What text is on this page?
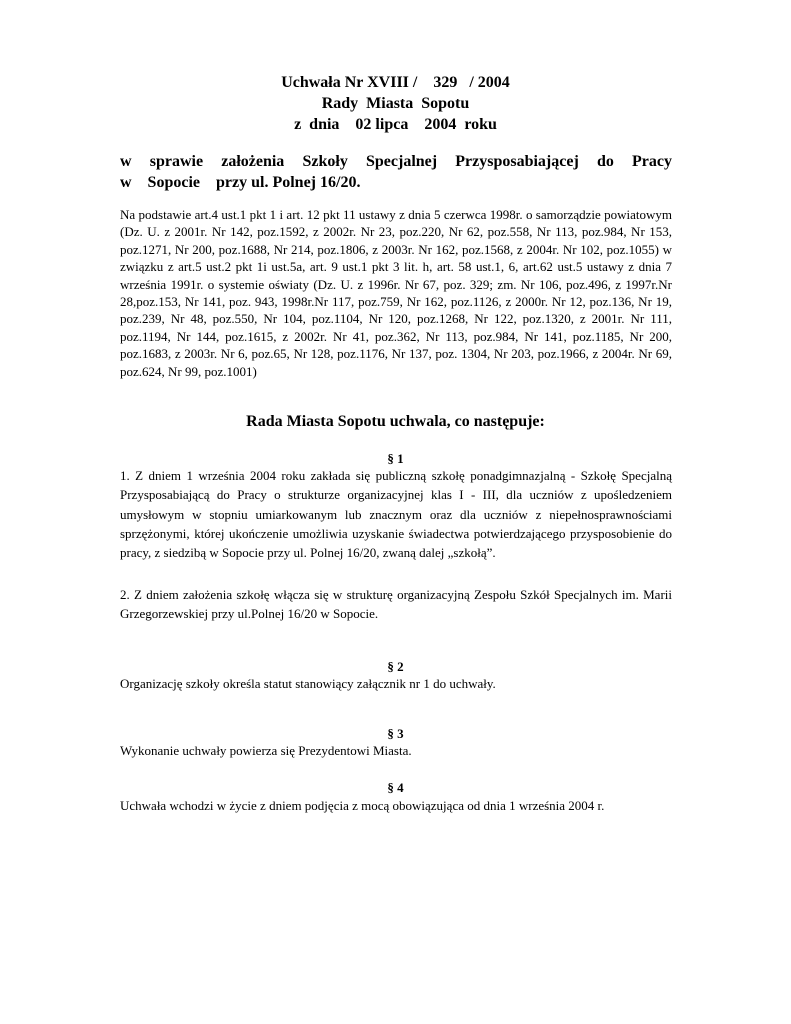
Uchwała Nr XVIII /    329   / 2004
Rady  Miasta  Sopotu
z  dnia    02 lipca    2004  roku
w sprawie założenia Szkoły Specjalnej Przysposabiającej do Pracy
w    Sopocie    przy ul. Polnej 16/20.
Na podstawie art.4 ust.1 pkt 1 i art. 12 pkt 11 ustawy z dnia 5 czerwca 1998r. o samorządzie powiatowym (Dz. U. z 2001r. Nr 142, poz.1592, z 2002r. Nr 23, poz.220, Nr 62, poz.558, Nr 113, poz.984, Nr 153, poz.1271, Nr 200, poz.1688, Nr 214, poz.1806, z 2003r. Nr 162, poz.1568, z 2004r. Nr 102, poz.1055) w związku z art.5 ust.2 pkt 1i ust.5a, art. 9 ust.1 pkt 3 lit. h, art. 58 ust.1, 6, art.62 ust.5 ustawy z dnia 7 września 1991r. o systemie oświaty (Dz. U. z 1996r. Nr 67, poz. 329; zm. Nr 106, poz.496, z 1997r.Nr 28,poz.153, Nr 141, poz. 943, 1998r.Nr 117, poz.759, Nr 162, poz.1126, z 2000r. Nr 12, poz.136, Nr 19, poz.239, Nr 48, poz.550, Nr 104, poz.1104, Nr 120, poz.1268, Nr 122, poz.1320, z 2001r. Nr 111, poz.1194, Nr 144, poz.1615, z 2002r. Nr 41, poz.362, Nr 113, poz.984, Nr 141, poz.1185, Nr 200, poz.1683, z 2003r. Nr 6, poz.65, Nr 128, poz.1176, Nr 137, poz. 1304, Nr 203, poz.1966, z 2004r. Nr 69, poz.624, Nr 99, poz.1001)
Rada Miasta Sopotu uchwala, co następuje:
§ 1
1. Z dniem 1 września 2004 roku zakłada się publiczną szkołę ponadgimnazjalną - Szkołę Specjalną Przysposabiającą do Pracy o strukturze organizacyjnej klas I - III, dla uczniów z upośledzeniem umysłowym w stopniu umiarkowanym lub znacznym oraz dla uczniów z niepełnosprawnościami sprzężonymi, której ukończenie umożliwia uzyskanie świadectwa potwierdzającego przysposobienie do pracy, z siedzibą w Sopocie przy ul. Polnej 16/20, zwaną dalej „szkołą”.
2. Z dniem założenia szkołę włącza się w strukturę organizacyjną Zespołu Szkół Specjalnych im. Marii Grzegorzewskiej przy ul.Polnej 16/20 w Sopocie.
§ 2
Organizację szkoły określa statut stanowiący załącznik nr 1 do uchwały.
§ 3
Wykonanie uchwały powierza się Prezydentowi Miasta.
§ 4
Uchwała wchodzi w życie z dniem podjęcia z mocą obowiązująca od dnia 1 września 2004 r.
